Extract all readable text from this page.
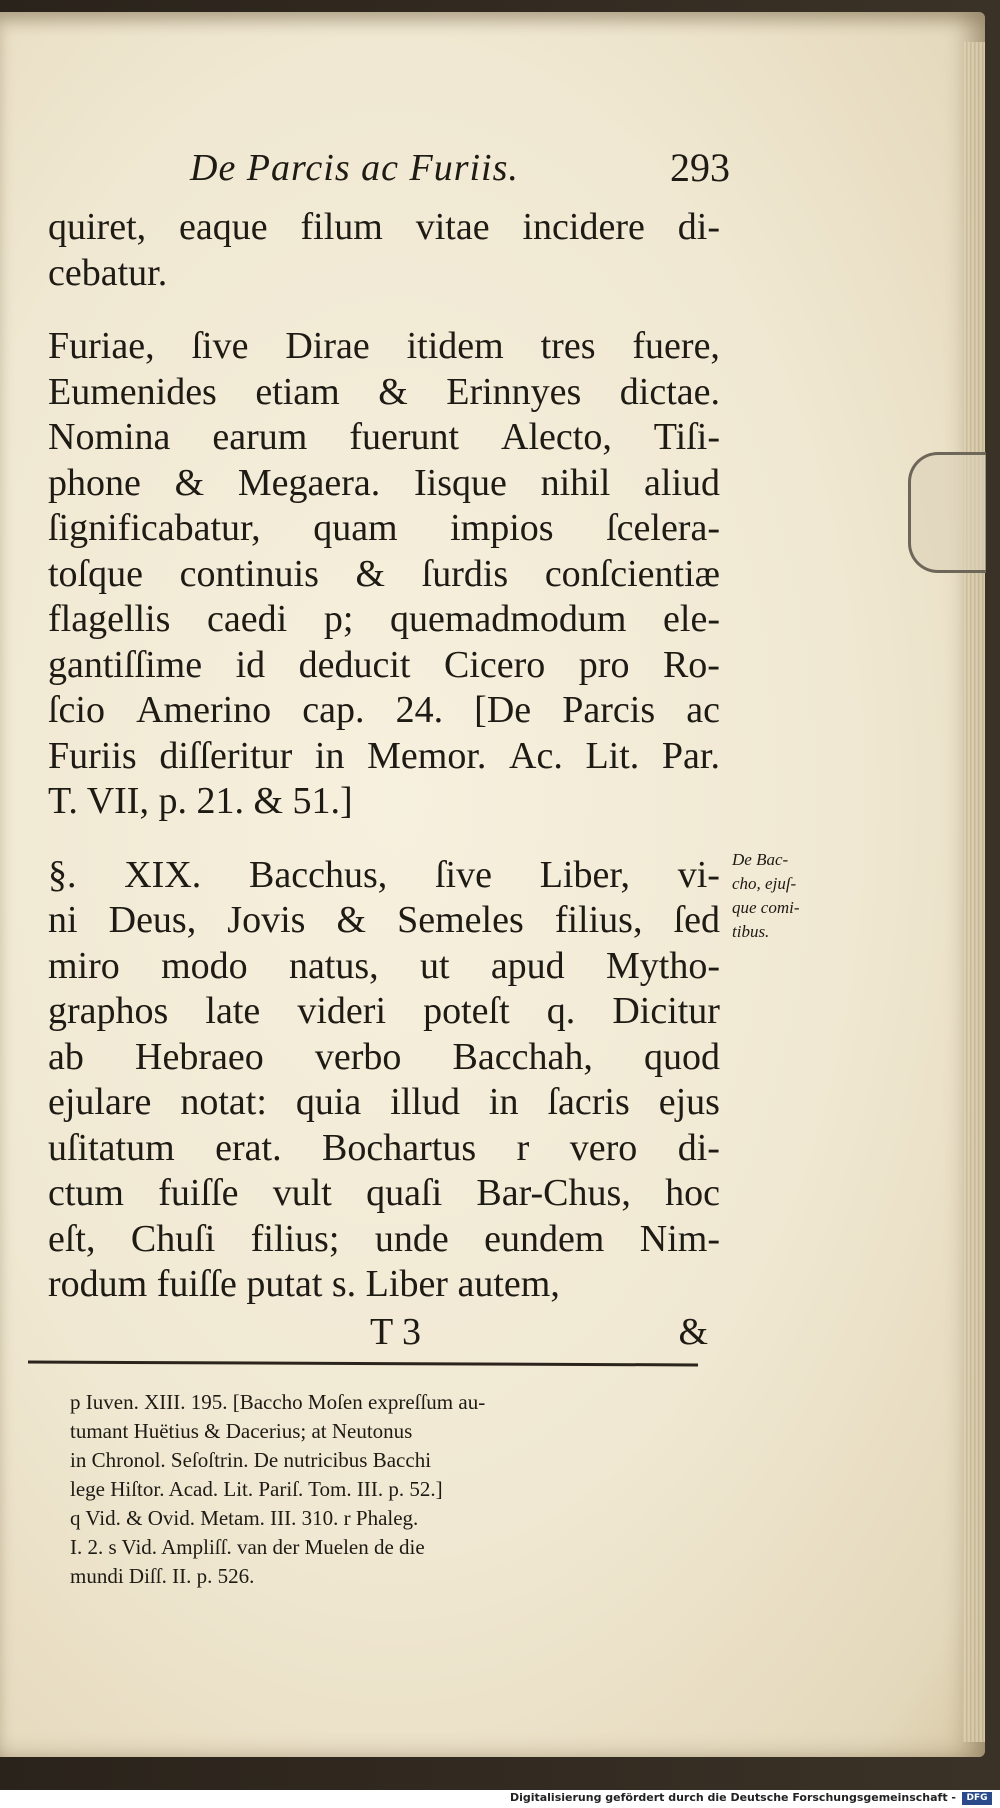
De Parcis ac Furiis.	293
quiret, eaque filum vitae incidere di-
cebatur.
Furiae, ſive Dirae itidem tres fuere,
Eumenides etiam & Erinnyes dictae.
Nomina earum fuerunt Alecto, Tiſi-
phone & Megaera. Iisque nihil aliud
ſignificabatur, quam impios ſcelera-
toſque continuis & ſurdis conſcientiæ
flagellis caedi p; quemadmodum ele-
gantiſſime id deducit Cicero pro Ro-
ſcio Amerino cap. 24. [De Parcis ac
Furiis diſſeritur in Memor. Ac. Lit. Par.
T. VII, p. 21. & 51.]
§. XIX. Bacchus, ſive Liber, vi-
ni Deus, Jovis & Semeles filius, ſed
miro modo natus, ut apud Mytho-
graphos late videri poteſt q. Dicitur
ab Hebraeo verbo Bacchah, quod
ejulare notat: quia illud in ſacris ejus
uſitatum erat. Bochartus r vero di-
ctum fuiſſe vult quaſi Bar-Chus, hoc
eſt, Chuſi filius; unde eundem Nim-
rodum fuiſſe putat s. Liber autem,
De Bac-
cho, ejuſ-
que comi-
tibus.
T 3	&
p Iuven. XIII. 195. [Baccho Moſen expreſſum au-
tumant Huëtius & Dacerius; at Neutonus
in Chronol. Seſoſtrin. De nutricibus Bacchi
lege Hiſtor. Acad. Lit. Pariſ. Tom. III. p. 52.]
q Vid. & Ovid. Metam. III. 310. r Phaleg.
I. 2. s Vid. Ampliſſ. van der Muelen de die
mundi Diſſ. II. p. 526.
Digitalisierung gefördert durch die Deutsche Forschungsgemeinschaft -	DFG
